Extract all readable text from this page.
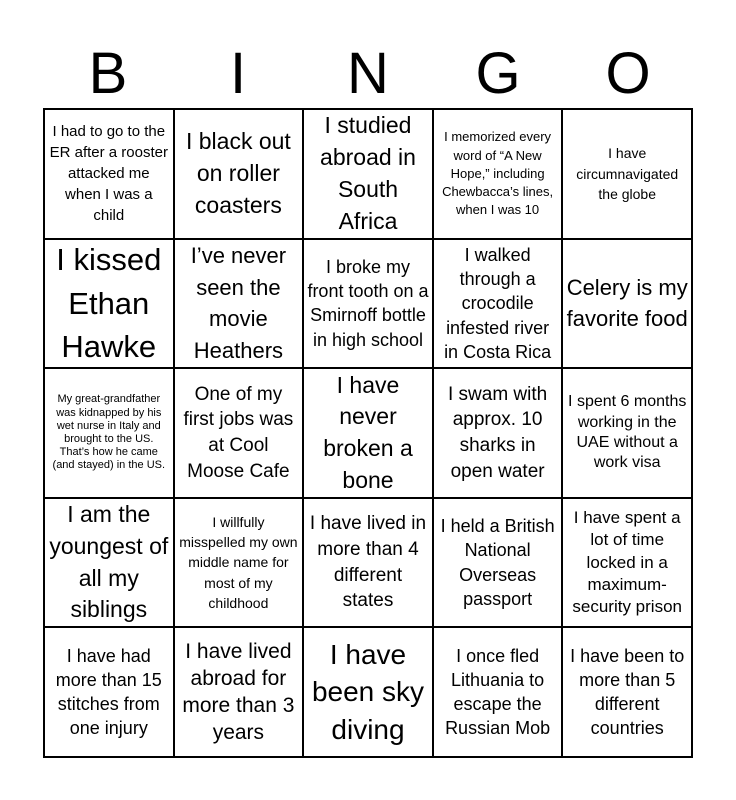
B	I	N	G	O
I had to go to the ER after a rooster attacked me when I was a child
I black out on roller coasters
I studied abroad in South Africa
I memorized every word of “A New Hope,” including Chewbacca’s lines, when I was 10
I have circumnavigated the globe
I kissed Ethan Hawke
I’ve never seen the movie Heathers
I broke my front tooth on a Smirnoff bottle in high school
I walked through a crocodile infested river in Costa Rica
Celery is my favorite food
My great-grandfather was kidnapped by his wet nurse in Italy and brought to the US. That’s how he came (and stayed) in the US.
One of my first jobs was at Cool Moose Cafe
I have never broken a bone
I swam with approx. 10 sharks in open water
I spent 6 months working in the UAE without a work visa
I am the youngest of all my siblings
I willfully misspelled my own middle name for most of my childhood
I have lived in more than 4 different states
I held a British National Overseas passport
I have spent a lot of time locked in a maximum-security prison
I have had more than 15 stitches from one injury
I have lived abroad for more than 3 years
I have been sky diving
I once fled Lithuania to escape the Russian Mob
I have been to more than 5 different countries
